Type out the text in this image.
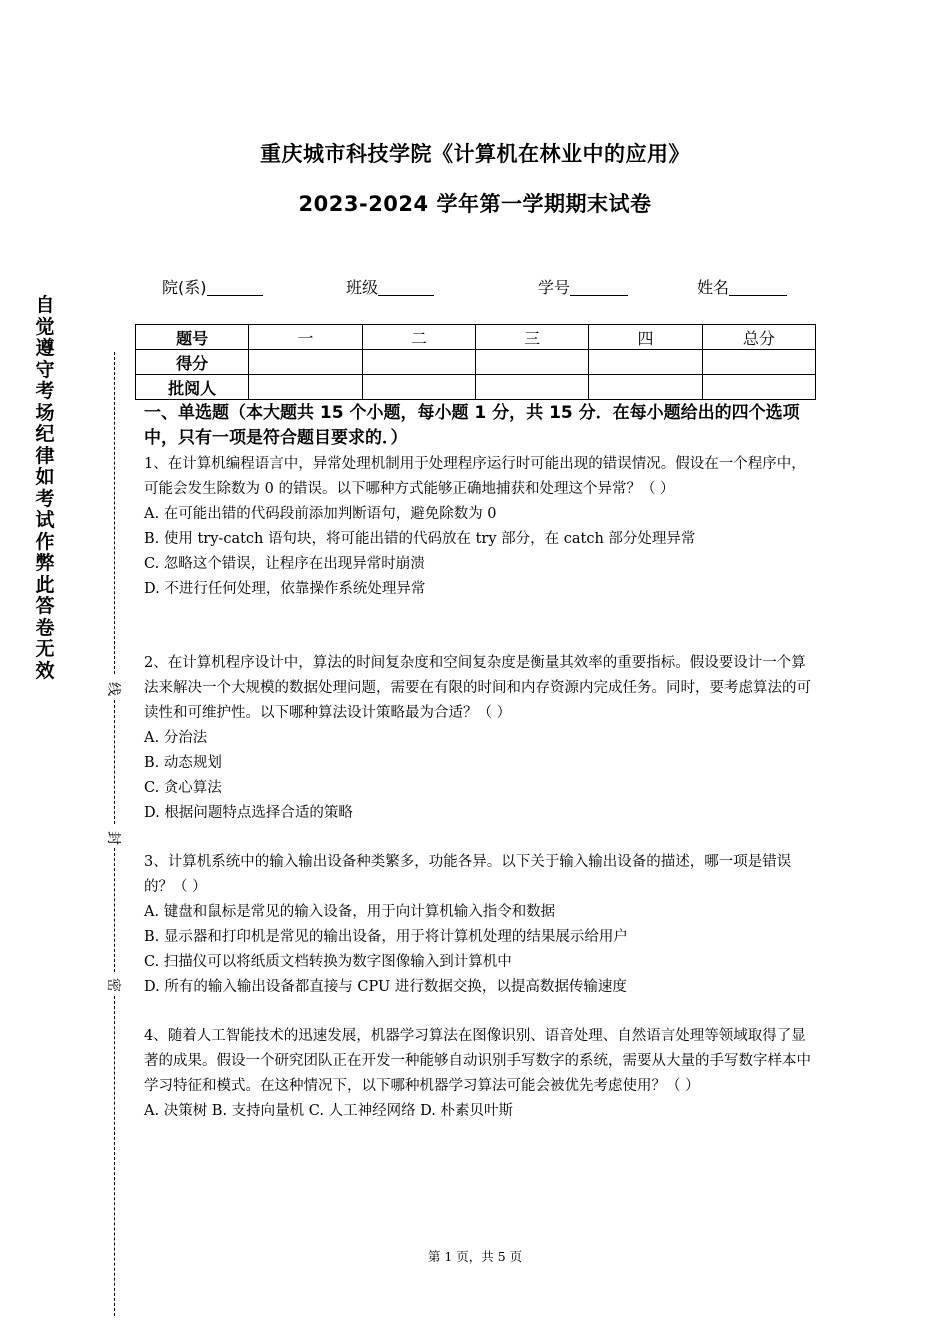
重庆城市科技学院《计算机在林业中的应用》
2023-2024 学年第一学期期末试卷
院(系)	班级	学号	姓名
自觉遵守考场纪律如考试作弊此答卷无效
线
封
密
题号	一	二	三	四	总分
得分					
批阅人					
一、单选题（本大题共 15 个小题，每小题 1 分，共 15 分．在每小题给出的四个选项中，只有一项是符合题目要求的．）

1、在计算机编程语言中，异常处理机制用于处理程序运行时可能出现的错误情况。假设在一个程序中，可能会发生除数为 0 的错误。以下哪种方式能够正确地捕获和处理这个异常？（ ）

A. 在可能出错的代码段前添加判断语句，避免除数为 0

B. 使用 try-catch 语句块，将可能出错的代码放在 try 部分，在 catch 部分处理异常

C. 忽略这个错误，让程序在出现异常时崩溃

D. 不进行任何处理，依靠操作系统处理异常

2、在计算机程序设计中，算法的时间复杂度和空间复杂度是衡量其效率的重要指标。假设要设计一个算法来解决一个大规模的数据处理问题，需要在有限的时间和内存资源内完成任务。同时，要考虑算法的可读性和可维护性。以下哪种算法设计策略最为合适？（ ）

A. 分治法

B. 动态规划

C. 贪心算法

D. 根据问题特点选择合适的策略

3、计算机系统中的输入输出设备种类繁多，功能各异。以下关于输入输出设备的描述，哪一项是错误的？（ ）

A. 键盘和鼠标是常见的输入设备，用于向计算机输入指令和数据

B. 显示器和打印机是常见的输出设备，用于将计算机处理的结果展示给用户

C. 扫描仪可以将纸质文档转换为数字图像输入到计算机中

D. 所有的输入输出设备都直接与 CPU 进行数据交换，以提高数据传输速度

4、随着人工智能技术的迅速发展，机器学习算法在图像识别、语音处理、自然语言处理等领域取得了显著的成果。假设一个研究团队正在开发一种能够自动识别手写数字的系统，需要从大量的手写数字样本中学习特征和模式。在这种情况下，以下哪种机器学习算法可能会被优先考虑使用？（ ）

A. 决策树 B. 支持向量机 C. 人工神经网络 D. 朴素贝叶斯

第 1 页，共 5 页
